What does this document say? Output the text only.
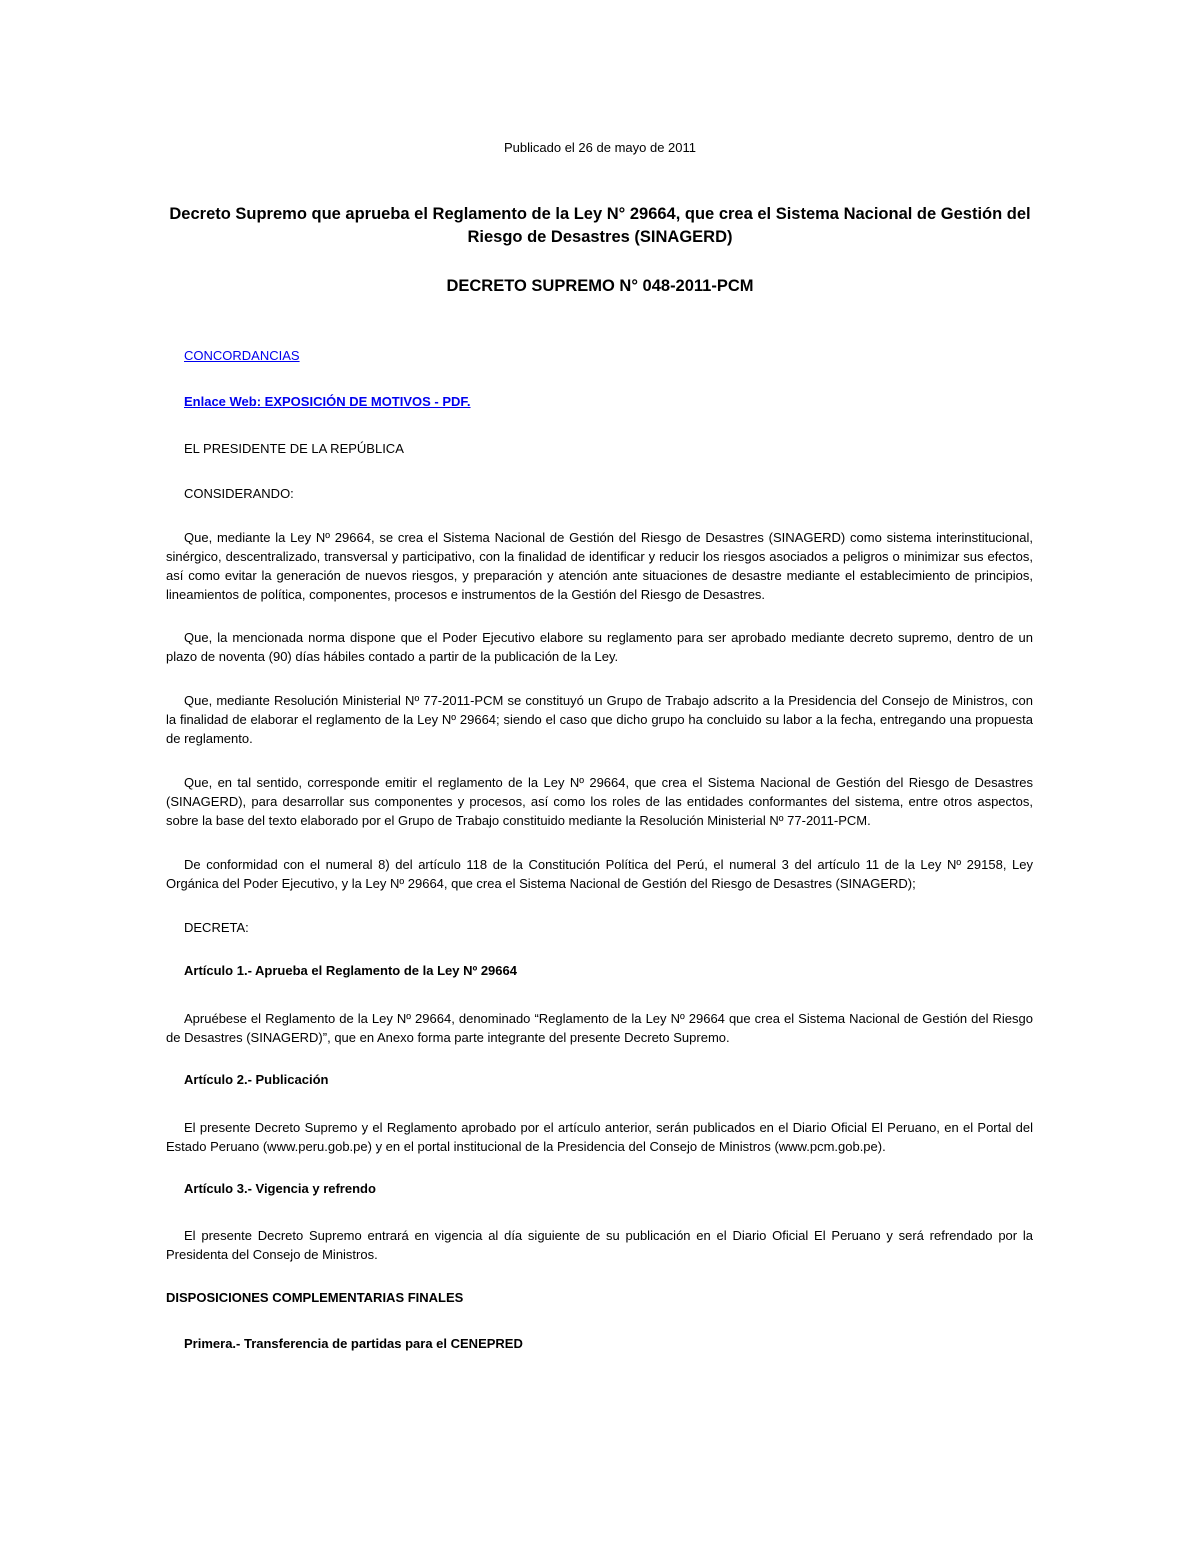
Publicado el 26 de mayo de 2011
Decreto Supremo que aprueba el Reglamento de la Ley N° 29664, que crea el Sistema Nacional de Gestión del Riesgo de Desastres (SINAGERD)
DECRETO SUPREMO N° 048-2011-PCM
CONCORDANCIAS
Enlace Web: EXPOSICIÓN DE MOTIVOS - PDF.
EL PRESIDENTE DE LA REPÚBLICA
CONSIDERANDO:

Que, mediante la Ley Nº 29664, se crea el Sistema Nacional de Gestión del Riesgo de Desastres (SINAGERD) como sistema interinstitucional, sinérgico, descentralizado, transversal y participativo, con la finalidad de identificar y reducir los riesgos asociados a peligros o minimizar sus efectos, así como evitar la generación de nuevos riesgos, y preparación y atención ante situaciones de desastre mediante el establecimiento de principios, lineamientos de política, componentes, procesos e instrumentos de la Gestión del Riesgo de Desastres.

Que, la mencionada norma dispone que el Poder Ejecutivo elabore su reglamento para ser aprobado mediante decreto supremo, dentro de un plazo de noventa (90) días hábiles contado a partir de la publicación de la Ley.

Que, mediante Resolución Ministerial Nº 77-2011-PCM se constituyó un Grupo de Trabajo adscrito a la Presidencia del Consejo de Ministros, con la finalidad de elaborar el reglamento de la Ley Nº 29664; siendo el caso que dicho grupo ha concluido su labor a la fecha, entregando una propuesta de reglamento.

Que, en tal sentido, corresponde emitir el reglamento de la Ley Nº 29664, que crea el Sistema Nacional de Gestión del Riesgo de Desastres (SINAGERD), para desarrollar sus componentes y procesos, así como los roles de las entidades conformantes del sistema, entre otros aspectos, sobre la base del texto elaborado por el Grupo de Trabajo constituido mediante la Resolución Ministerial Nº 77-2011-PCM.

De conformidad con el numeral 8) del artículo 118 de la Constitución Política del Perú, el numeral 3 del artículo 11 de la Ley Nº 29158, Ley Orgánica del Poder Ejecutivo, y la Ley Nº 29664, que crea el Sistema Nacional de Gestión del Riesgo de Desastres (SINAGERD);

DECRETA:
Artículo 1.- Aprueba el Reglamento de la Ley Nº 29664

Apruébese el Reglamento de la Ley Nº 29664, denominado “Reglamento de la Ley Nº 29664 que crea el Sistema Nacional de Gestión del Riesgo de Desastres (SINAGERD)”, que en Anexo forma parte integrante del presente Decreto Supremo.

Artículo 2.- Publicación

El presente Decreto Supremo y el Reglamento aprobado por el artículo anterior, serán publicados en el Diario Oficial El Peruano, en el Portal del Estado Peruano (www.peru.gob.pe) y en el portal institucional de la Presidencia del Consejo de Ministros (www.pcm.gob.pe).

Artículo 3.- Vigencia y refrendo

El presente Decreto Supremo entrará en vigencia al día siguiente de su publicación en el Diario Oficial El Peruano y será refrendado por la Presidenta del Consejo de Ministros.

DISPOSICIONES COMPLEMENTARIAS FINALES
Primera.- Transferencia de partidas para el CENEPRED
